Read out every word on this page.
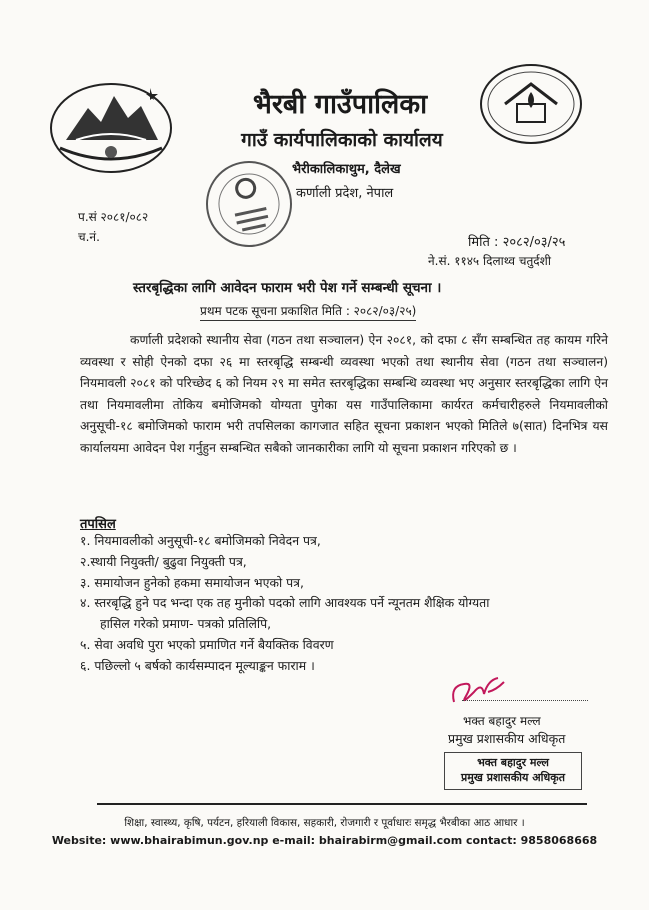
भैरबी गाउँपालिका
गाउँ कार्यपालिकाको कार्यालय
भैरीकालिकाथुम, दैलेख
कर्णाली प्रदेश, नेपाल
प.सं २०८१/०८२
च.नं.	मिति : २०८२/०३/२५
ने.सं. ११४५ दिलाथ्व चतुर्दशी
स्तरबृद्धिका लागि आवेदन फाराम भरी पेश गर्ने सम्बन्धी सूचना ।
प्रथम पटक सूचना प्रकाशित मिति : २०८२/०३/२५)
कर्णाली प्रदेशको स्थानीय सेवा (गठन तथा सञ्चालन) ऐन २०८१, को दफा ८ सँग सम्बन्धित तह कायम गरिने व्यवस्था र सोही ऐनको दफा २६ मा स्तरबृद्धि सम्बन्धी व्यवस्था भएको तथा स्थानीय सेवा (गठन तथा सञ्चालन) नियमावली २०८१ को परिच्छेद ६ को नियम २९ मा समेत स्तरबृद्धिका सम्बन्धि व्यवस्था भए अनुसार स्तरबृद्धिका लागि ऐन तथा नियमावलीमा तोकिय बमोजिमको योग्यता पुगेका यस गाउँपालिकामा कार्यरत कर्मचारीहरुले नियमावलीको अनुसूची-१८ बमोजिमको फाराम भरी तपसिलका कागजात सहित सूचना प्रकाशन भएको मितिले ७(सात) दिनभित्र यस कार्यालयमा आवेदन पेश गर्नुहुन सम्बन्धित सबैको जानकारीका लागि यो सूचना प्रकाशन गरिएको छ ।
तपसिल
१. नियमावलीको अनुसूची-१८ बमोजिमको निवेदन पत्र,
२.स्थायी नियुक्ती/ बुढुवा नियुक्ती पत्र,
३. समायोजन हुनेको हकमा समायोजन भएको पत्र,
४. स्तरबृद्धि हुने पद भन्दा एक तह मुनीको पदको लागि आवश्यक पर्ने न्यूनतम शैक्षिक योग्यता
हासिल गरेको प्रमाण- पत्रको प्रतिलिपि,
५. सेवा अवधि पुरा भएको प्रमाणित गर्ने बैयक्तिक विवरण
६. पछिल्लो ५ बर्षको कार्यसम्पादन मूल्याङ्कन फाराम ।
भक्त बहादुर मल्ल
प्रमुख प्रशासकीय अधिकृत
भक्त बहादुर मल्ल
प्रमुख प्रशासकीय अधिकृत
शिक्षा, स्वास्थ्य, कृषि, पर्यटन, हरियाली विकास, सहकारी, रोजगारी र पूर्वाधारः समृद्ध भैरबीका आठ आधार ।
Website: www.bhairabimun.gov.np e-mail: bhairabirm@gmail.com contact: 9858068668
